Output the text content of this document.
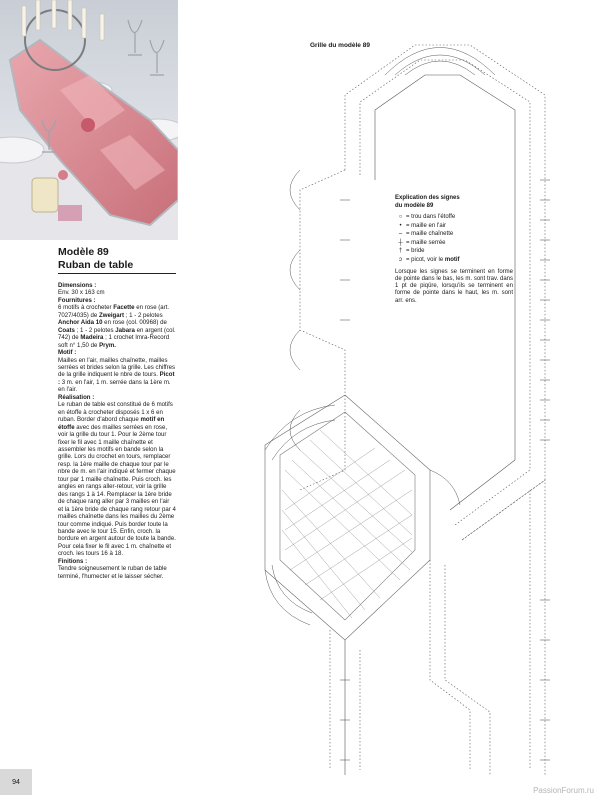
Modèle 89
Ruban de table

Dimensions :

Env. 30 x 163 cm

Fournitures :

6 motifs à crocheter Facette en rose (art. 7027/4035) de Zweigart ; 1 - 2 pelotes Anchor Aida 10 en rose (col. 00968) de Coats ; 1 - 2 pelotes Jabara en argent (col. 742) de Madeira ; 1 crochet Imra-Record soft n° 1,50 de Prym.

Motif :

Mailles en l'air, mailles chaînette, mailles serrées et brides selon la grille. Les chiffres de la grille indiquent le nbre de tours. Picot : 3 m. en l'air, 1 m. serrée dans la 1ère m. en l'air.

Réalisation :

Le ruban de table est constitué de 6 motifs en étoffe à crocheter disposés 1 x 6 en ruban. Border d'abord chaque motif en étoffe avec des mailles serrées en rose, voir la grille du tour 1. Pour le 2ème tour fixer le fil avec 1 maille chaînette et assembler les motifs en bande selon la grille. Lors du crochet en tours, remplacer resp. la 1ère maille de chaque tour par le nbre de m. en l'air indiqué et fermer chaque tour par 1 maille chaînette. Puis croch. les angles en rangs aller-retour, voir la grille des rangs 1 à 14. Remplacer la 1ère bride de chaque rang aller par 3 mailles en l'air et la 1ère bride de chaque rang retour par 4 mailles chaînette dans les mailles du 2ème tour comme indiqué. Puis border toute la bande avec le tour 15. Enfin, croch. la bordure en argent autour de toute la bande. Pour cela fixer le fil avec 1 m. chaînette et croch. les tours 16 à 18.

Finitions :

Tendre soigneusement le ruban de table terminé, l'humecter et le laisser sécher.

Grille du modèle 89
Explication des signes
du modèle 89
○ = trou dans l'étoffe
• = maille en l'air
⌢ = maille chaînette
┼ = maille serrée
† = bride
ↄ = picot, voir le motif
Lorsque les signes se terminent en forme de pointe dans le bas, les m. sont trav. dans 1 pt de piqûre, lorsqu'ils se terminent en forme de pointe dans le haut, les m. sont arr. ens.
94
PassionForum.ru
